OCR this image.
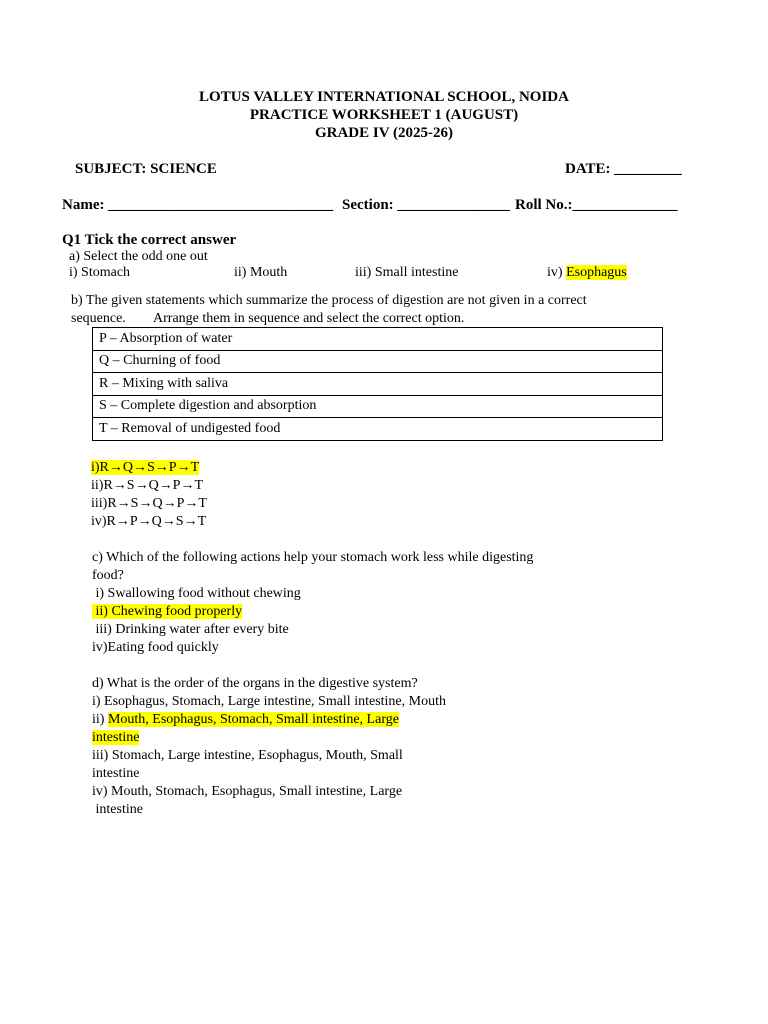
LOTUS VALLEY INTERNATIONAL SCHOOL, NOIDA
PRACTICE WORKSHEET 1 (AUGUST)
GRADE IV (2025-26)
SUBJECT: SCIENCE	DATE: _________
Name: ______________________________ Section: _______________ Roll No.:______________
Q1 Tick the correct answer
a) Select the odd one out
i) Stomach	ii) Mouth	iii) Small intestine	iv) Esophagus
b) The given statements which summarize the process of digestion are not given in a correct
sequence.        Arrange them in sequence and select the correct option.
P – Absorption of water
Q – Churning of food
R – Mixing with saliva
S – Complete digestion and absorption
T – Removal of undigested food
i)R→Q→S→P→T
ii)R→S→Q→P→T
iii)R→S→Q→P→T
iv)R→P→Q→S→T
c) Which of the following actions help your stomach work less while digesting
food?
i) Swallowing food without chewing
ii) Chewing food properly
iii) Drinking water after every bite
iv)Eating food quickly
d) What is the order of the organs in the digestive system?
i) Esophagus, Stomach, Large intestine, Small intestine, Mouth
ii) Mouth, Esophagus, Stomach, Small intestine, Large
intestine
iii) Stomach, Large intestine, Esophagus, Mouth, Small
intestine
iv) Mouth, Stomach, Esophagus, Small intestine, Large
intestine
